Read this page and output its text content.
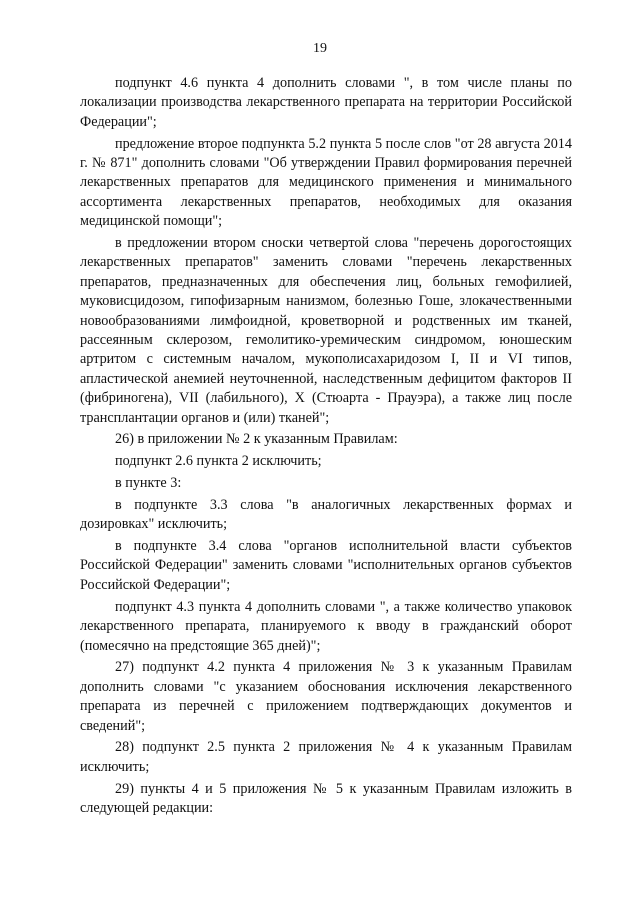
19

подпункт 4.6 пункта 4 дополнить словами ", в том числе планы по локализации производства лекарственного препарата на территории Российской Федерации";

предложение второе подпункта 5.2 пункта 5 после слов "от 28 августа 2014 г. № 871" дополнить словами "Об утверждении Правил формирования перечней лекарственных препаратов для медицинского применения и минимального ассортимента лекарственных препаратов, необходимых для оказания медицинской помощи";

в предложении втором сноски четвертой слова "перечень дорогостоящих лекарственных препаратов" заменить словами "перечень лекарственных препаратов, предназначенных для обеспечения лиц, больных гемофилией, муковисцидозом, гипофизарным нанизмом, болезнью Гоше, злокачественными новообразованиями лимфоидной, кроветворной и родственных им тканей, рассеянным склерозом, гемолитико-уремическим синдромом, юношеским артритом с системным началом, мукополисахаридозом I, II и VI типов, апластической анемией неуточненной, наследственным дефицитом факторов II (фибриногена), VII (лабильного), X (Стюарта - Прауэра), а также лиц после трансплантации органов и (или) тканей";

26) в приложении № 2 к указанным Правилам:

подпункт 2.6 пункта 2 исключить;

в пункте 3:

в подпункте 3.3 слова "в аналогичных лекарственных формах и дозировках" исключить;

в подпункте 3.4 слова "органов исполнительной власти субъектов Российской Федерации" заменить словами "исполнительных органов субъектов Российской Федерации";

подпункт 4.3 пункта 4 дополнить словами ", а также количество упаковок лекарственного препарата, планируемого к вводу в гражданский оборот (помесячно на предстоящие 365 дней)";

27) подпункт 4.2 пункта 4 приложения № 3 к указанным Правилам дополнить словами "с указанием обоснования исключения лекарственного препарата из перечней с приложением подтверждающих документов и сведений";

28) подпункт 2.5 пункта 2 приложения № 4 к указанным Правилам исключить;

29) пункты 4 и 5 приложения № 5 к указанным Правилам изложить в следующей редакции:
